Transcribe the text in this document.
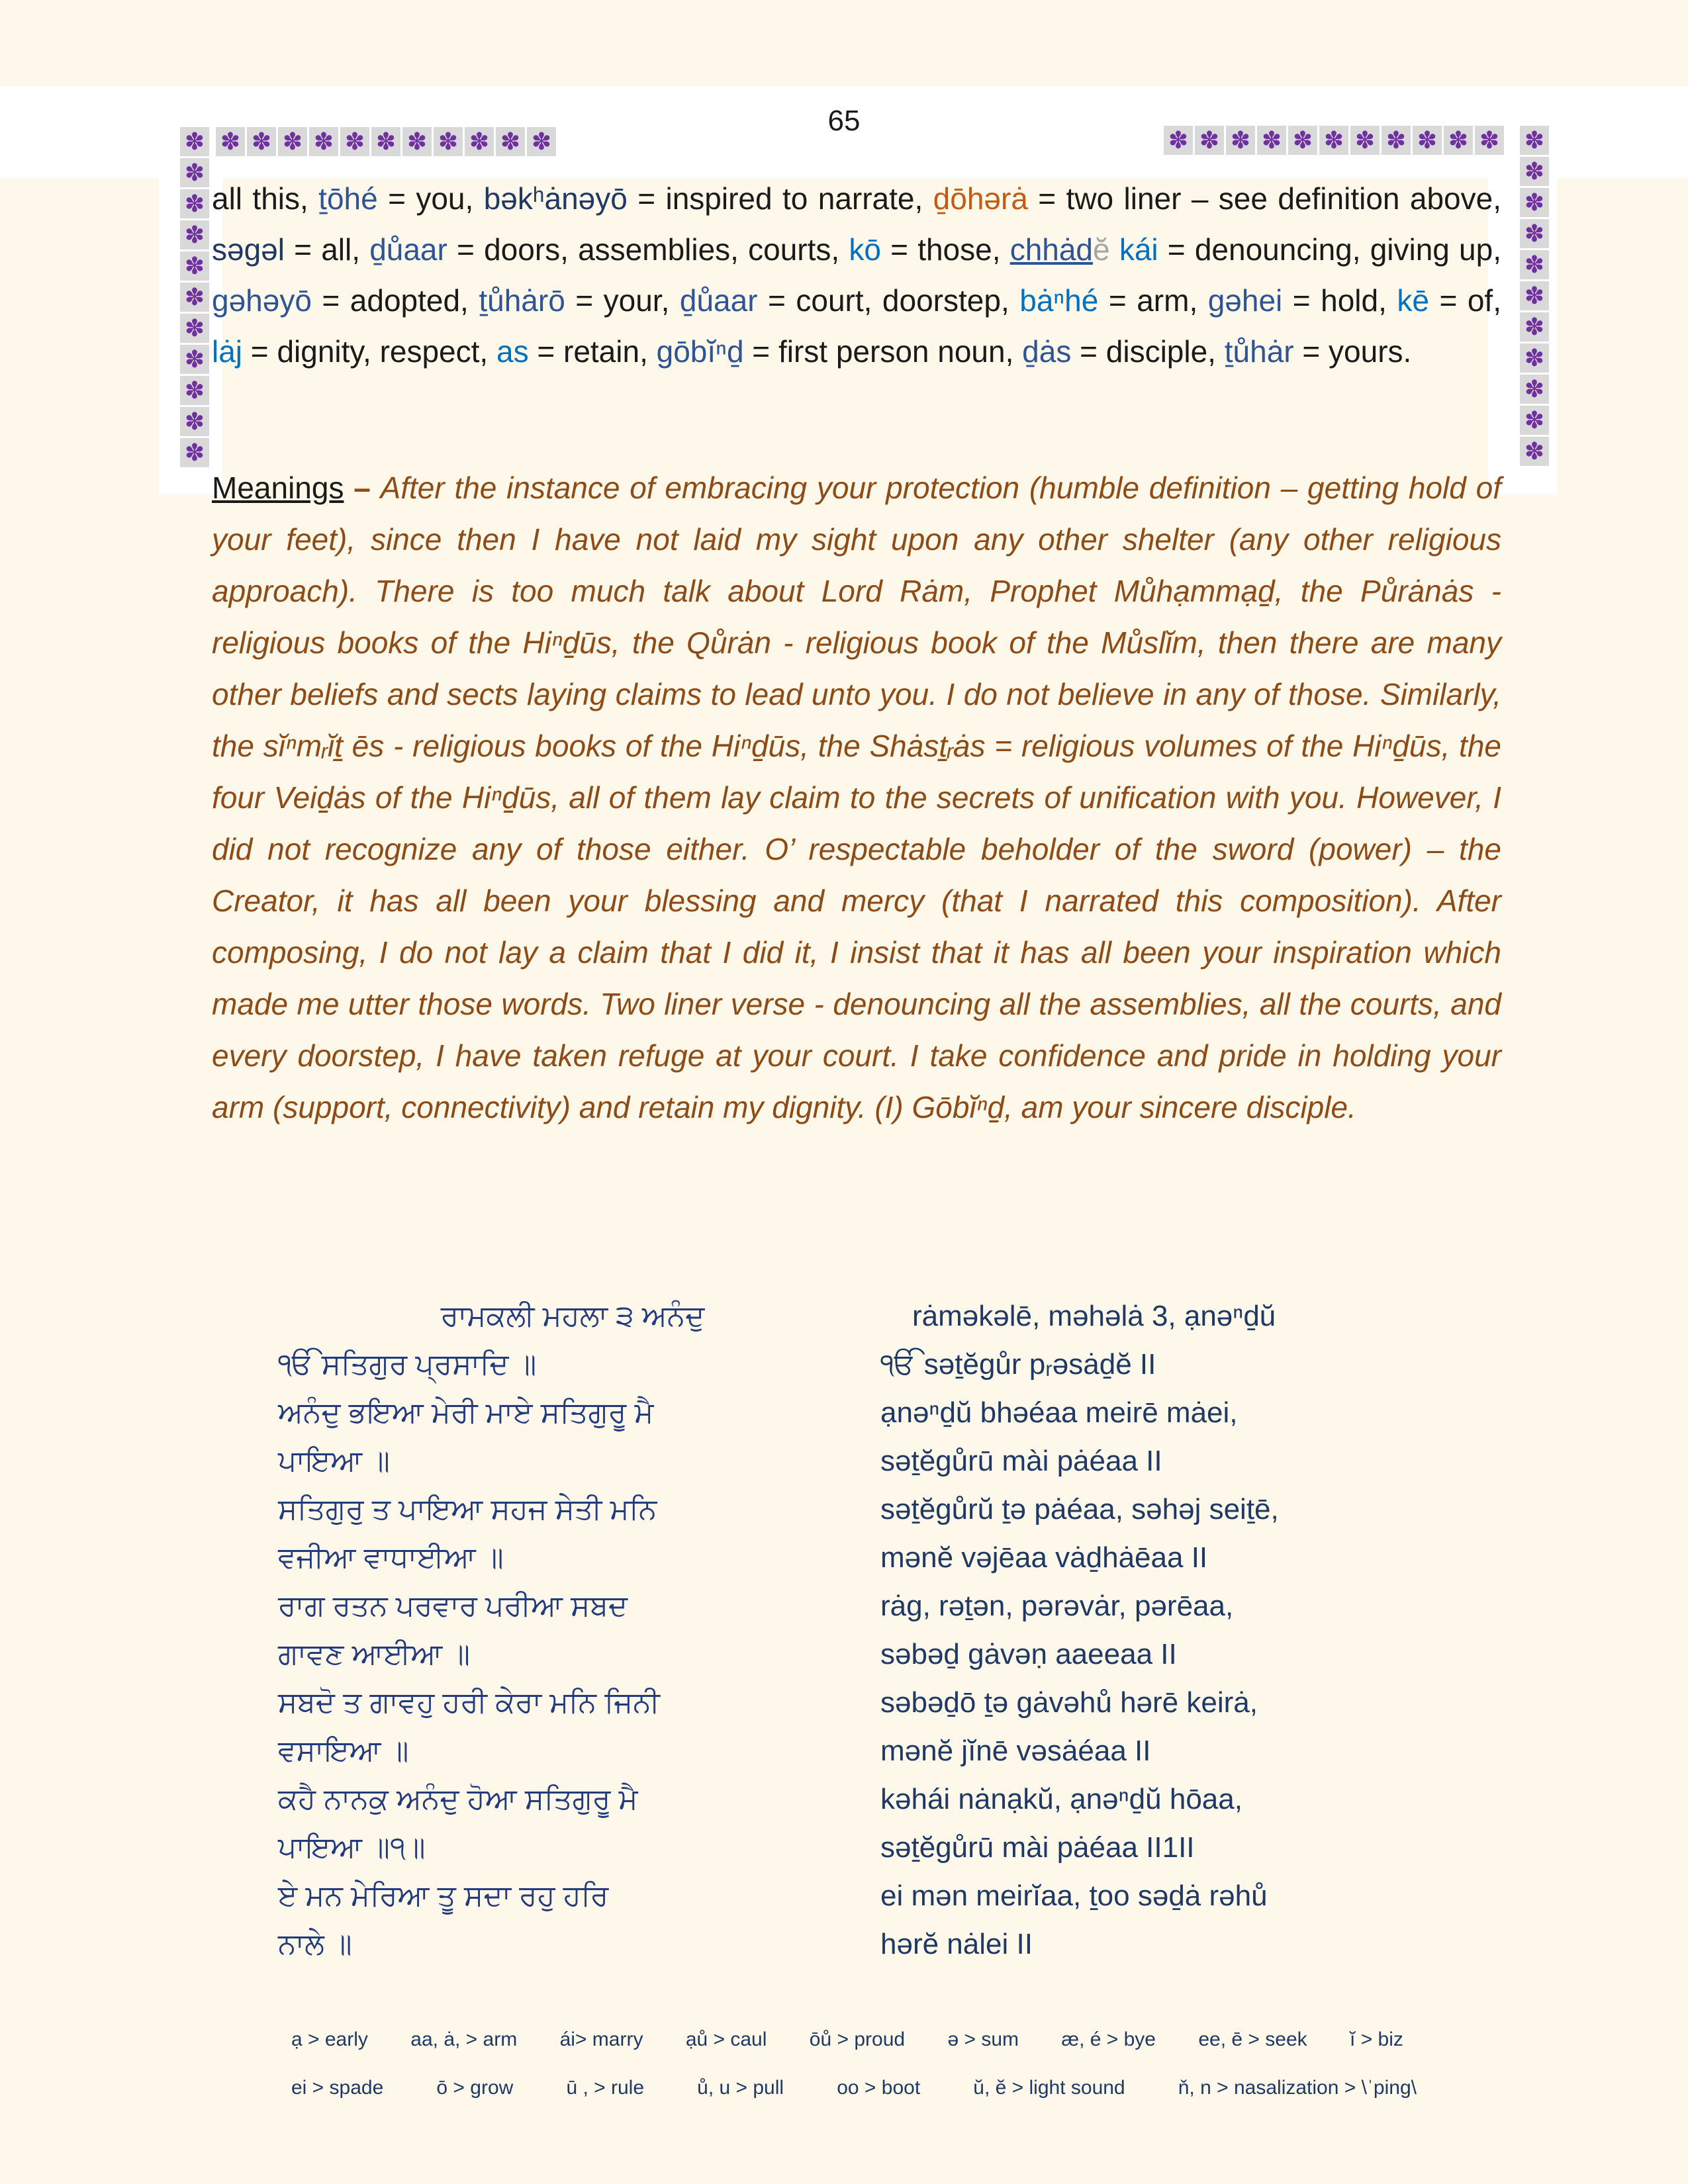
65
✽ ✽ ✽ ✽ ✽ ✽ ✽ ✽ ✽ ✽ ✽	✽ ✽ ✽ ✽ ✽ ✽ ✽ ✽ ✽ ✽ ✽
✽
✽
✽
✽
✽
✽
✽
✽
✽
✽
✽
✽
✽
✽
✽
✽
✽
✽
✽
✽
✽
✽
all this, ṯōhé = you, bəkʰȧnəyō = inspired to narrate, ḏōhərȧ = two liner – see definition above, səgəl = all, ḏůaar = doors, assemblies, courts, kō = those, chhȧdĕ kái = denouncing, giving up, gəhəyō = adopted, ṯůhȧrō = your, ḏůaar = court, doorstep, bȧⁿhé = arm, gəhei = hold, kē = of, lȧj = dignity, respect, as = retain, gōbĭⁿḏ = first person noun, ḏȧs = disciple, ṯůhȧr = yours.
Meanings – After the instance of embracing your protection (humble definition – getting hold of your feet), since then I have not laid my sight upon any other shelter (any other religious approach). There is too much talk about Lord Rȧm, Prophet Můhạmmạḏ, the Půrȧnȧs - religious books of the Hiⁿḏūs, the Qůrȧn - religious book of the Můslĭm, then there are many other beliefs and sects laying claims to lead unto you. I do not believe in any of those. Similarly, the sĭⁿmᵣĭṯ ēs - religious books of the Hiⁿḏūs, the Shȧsṯᵣȧs = religious volumes of the Hiⁿḏūs, the four Veiḏȧs of the Hiⁿḏūs, all of them lay claim to the secrets of unification with you. However, I did not recognize any of those either. O’ respectable beholder of the sword (power) – the Creator, it has all been your blessing and mercy (that I narrated this composition). After composing, I do not lay a claim that I did it, I insist that it has all been your inspiration which made me utter those words. Two liner verse - denouncing all the assemblies, all the courts, and every doorstep, I have taken refuge at your court. I take confidence and pride in holding your arm (support, connectivity) and retain my dignity. (I) Gōbĭⁿḏ, am your sincere disciple.
ਰਾਮਕਲੀ ਮਹਲਾ ੩ ਅਨੰਦੁ
ੴ ਸਤਿਗੁਰ ਪ੍ਰਸਾਦਿ ॥
ਅਨੰਦੁ ਭਇਆ ਮੇਰੀ ਮਾਏ ਸਤਿਗੁਰੂ ਮੈ
ਪਾਇਆ ॥
ਸਤਿਗੁਰੁ ਤ ਪਾਇਆ ਸਹਜ ਸੇਤੀ ਮਨਿ
ਵਜੀਆ ਵਾਧਾਈਆ ॥
ਰਾਗ ਰਤਨ ਪਰਵਾਰ ਪਰੀਆ ਸਬਦ
ਗਾਵਣ ਆਈਆ ॥
ਸਬਦੋ ਤ ਗਾਵਹੁ ਹਰੀ ਕੇਰਾ ਮਨਿ ਜਿਨੀ
ਵਸਾਇਆ ॥
ਕਹੈ ਨਾਨਕੁ ਅਨੰਦੁ ਹੋਆ ਸਤਿਗੁਰੂ ਮੈ
ਪਾਇਆ ॥੧॥
ਏ ਮਨ ਮੇਰਿਆ ਤੂ ਸਦਾ ਰਹੁ ਹਰਿ
ਨਾਲੇ ॥
rȧməkəlē, məhəlȧ 3, ạnəⁿḏŭ
ੴ səṯĕgůr pᵣəsȧḏĕ II
ạnəⁿḏŭ bhəéaa meirē mȧei,
səṯĕgůrū mài pȧéaa II
səṯĕgůrŭ ṯə pȧéaa, səhəj seiṯē,
mənĕ vəjēaa vȧḏhȧēaa II
rȧg, rəṯən, pərəvȧr, pərēaa,
səbəḏ gȧvəṇ aaeeaa II
səbəḏō ṯə gȧvəhů hərē keirȧ,
mənĕ jĭnē vəsȧéaa II
kəhái nȧnạkŭ, ạnəⁿḏŭ hōaa,
səṯĕgůrū mài pȧéaa II1II
ei mən meirĭaa, ṯoo səḏȧ rəhů
hərĕ nȧlei II
ạ > early aa, ȧ, > arm ái> marry ạů > caul ōů > proud ə > sum æ, é > bye ee, ē > seek ĭ > biz
ei > spade	ō > grow	ū , > rule	ů, u > pull	oo > boot	ŭ, ĕ > light sound	ň, n > nasalization > \ˈping\
